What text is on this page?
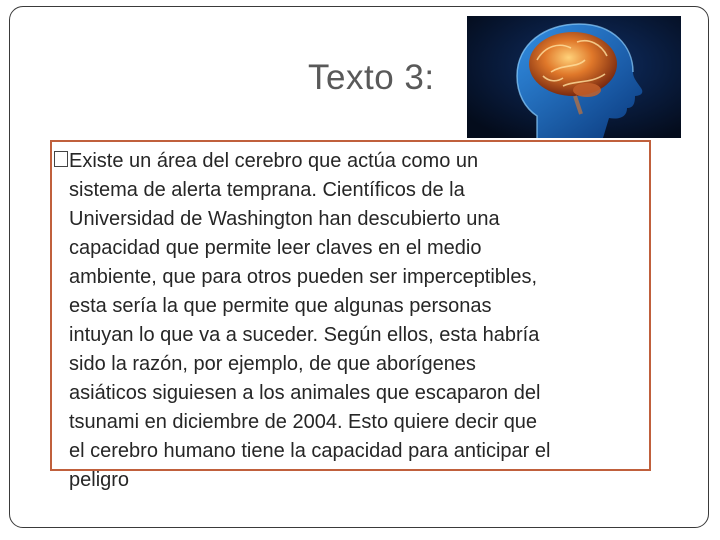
Texto 3:

Existe un área del cerebro que actúa como un
sistema de alerta temprana. Científicos de la
Universidad de Washington han descubierto una
capacidad que permite leer claves en el medio
ambiente, que para otros pueden ser imperceptibles,
esta sería la que permite que algunas personas
intuyan lo que va a suceder. Según ellos, esta habría
sido la razón, por ejemplo, de que aborígenes
asiáticos siguiesen a los animales que escaparon del
tsunami en diciembre de 2004. Esto quiere decir que
el cerebro humano tiene la capacidad para anticipar el
peligro
